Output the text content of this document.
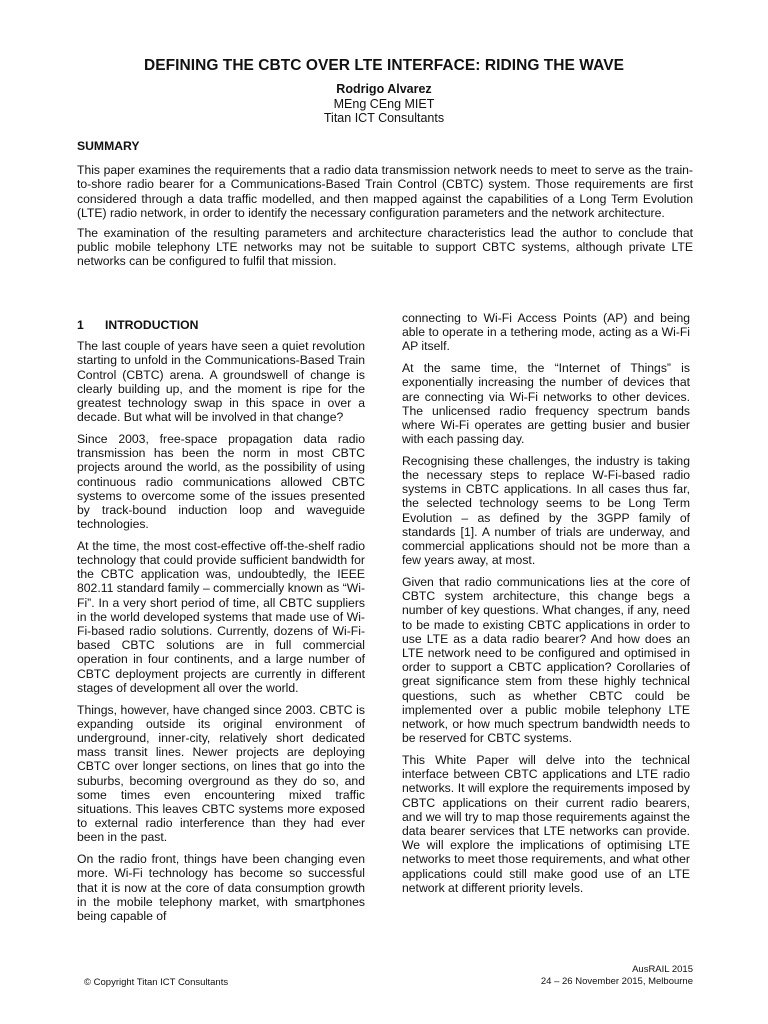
DEFINING THE CBTC OVER LTE INTERFACE: RIDING THE WAVE
Rodrigo Alvarez
MEng CEng MIET
Titan ICT Consultants
SUMMARY

This paper examines the requirements that a radio data transmission network needs to meet to serve as the train-to-shore radio bearer for a Communications-Based Train Control (CBTC) system. Those requirements are first considered through a data traffic modelled, and then mapped against the capabilities of a Long Term Evolution (LTE) radio network, in order to identify the necessary configuration parameters and the network architecture.

The examination of the resulting parameters and architecture characteristics lead the author to conclude that public mobile telephony LTE networks may not be suitable to support CBTC systems, although private LTE networks can be configured to fulfil that mission.

1	INTRODUCTION

The last couple of years have seen a quiet revolution starting to unfold in the Communications-Based Train Control (CBTC) arena. A groundswell of change is clearly building up, and the moment is ripe for the greatest technology swap in this space in over a decade. But what will be involved in that change?

Since 2003, free-space propagation data radio transmission has been the norm in most CBTC projects around the world, as the possibility of using continuous radio communications allowed CBTC systems to overcome some of the issues presented by track-bound induction loop and waveguide technologies.

At the time, the most cost-effective off-the-shelf radio technology that could provide sufficient bandwidth for the CBTC application was, undoubtedly, the IEEE 802.11 standard family – commercially known as “Wi-Fi”. In a very short period of time, all CBTC suppliers in the world developed systems that made use of Wi-Fi-based radio solutions. Currently, dozens of Wi-Fi-based CBTC solutions are in full commercial operation in four continents, and a large number of CBTC deployment projects are currently in different stages of development all over the world.

Things, however, have changed since 2003. CBTC is expanding outside its original environment of underground, inner-city, relatively short dedicated mass transit lines. Newer projects are deploying CBTC over longer sections, on lines that go into the suburbs, becoming overground as they do so, and some times even encountering mixed traffic situations. This leaves CBTC systems more exposed to external radio interference than they had ever been in the past.

On the radio front, things have been changing even more. Wi-Fi technology has become so successful that it is now at the core of data consumption growth in the mobile telephony market, with smartphones being capable of

connecting to Wi-Fi Access Points (AP) and being able to operate in a tethering mode, acting as a Wi-Fi AP itself.

At the same time, the “Internet of Things” is exponentially increasing the number of devices that are connecting via Wi-Fi networks to other devices. The unlicensed radio frequency spectrum bands where Wi-Fi operates are getting busier and busier with each passing day.

Recognising these challenges, the industry is taking the necessary steps to replace W-Fi-based radio systems in CBTC applications. In all cases thus far, the selected technology seems to be Long Term Evolution – as defined by the 3GPP family of standards [1]. A number of trials are underway, and commercial applications should not be more than a few years away, at most.

Given that radio communications lies at the core of CBTC system architecture, this change begs a number of key questions. What changes, if any, need to be made to existing CBTC applications in order to use LTE as a data radio bearer? And how does an LTE network need to be configured and optimised in order to support a CBTC application? Corollaries of great significance stem from these highly technical questions, such as whether CBTC could be implemented over a public mobile telephony LTE network, or how much spectrum bandwidth needs to be reserved for CBTC systems.

This White Paper will delve into the technical interface between CBTC applications and LTE radio networks. It will explore the requirements imposed by CBTC applications on their current radio bearers, and we will try to map those requirements against the data bearer services that LTE networks can provide. We will explore the implications of optimising LTE networks to meet those requirements, and what other applications could still make good use of an LTE network at different priority levels.

© Copyright Titan ICT Consultants
AusRAIL 2015
24 – 26 November 2015, Melbourne
